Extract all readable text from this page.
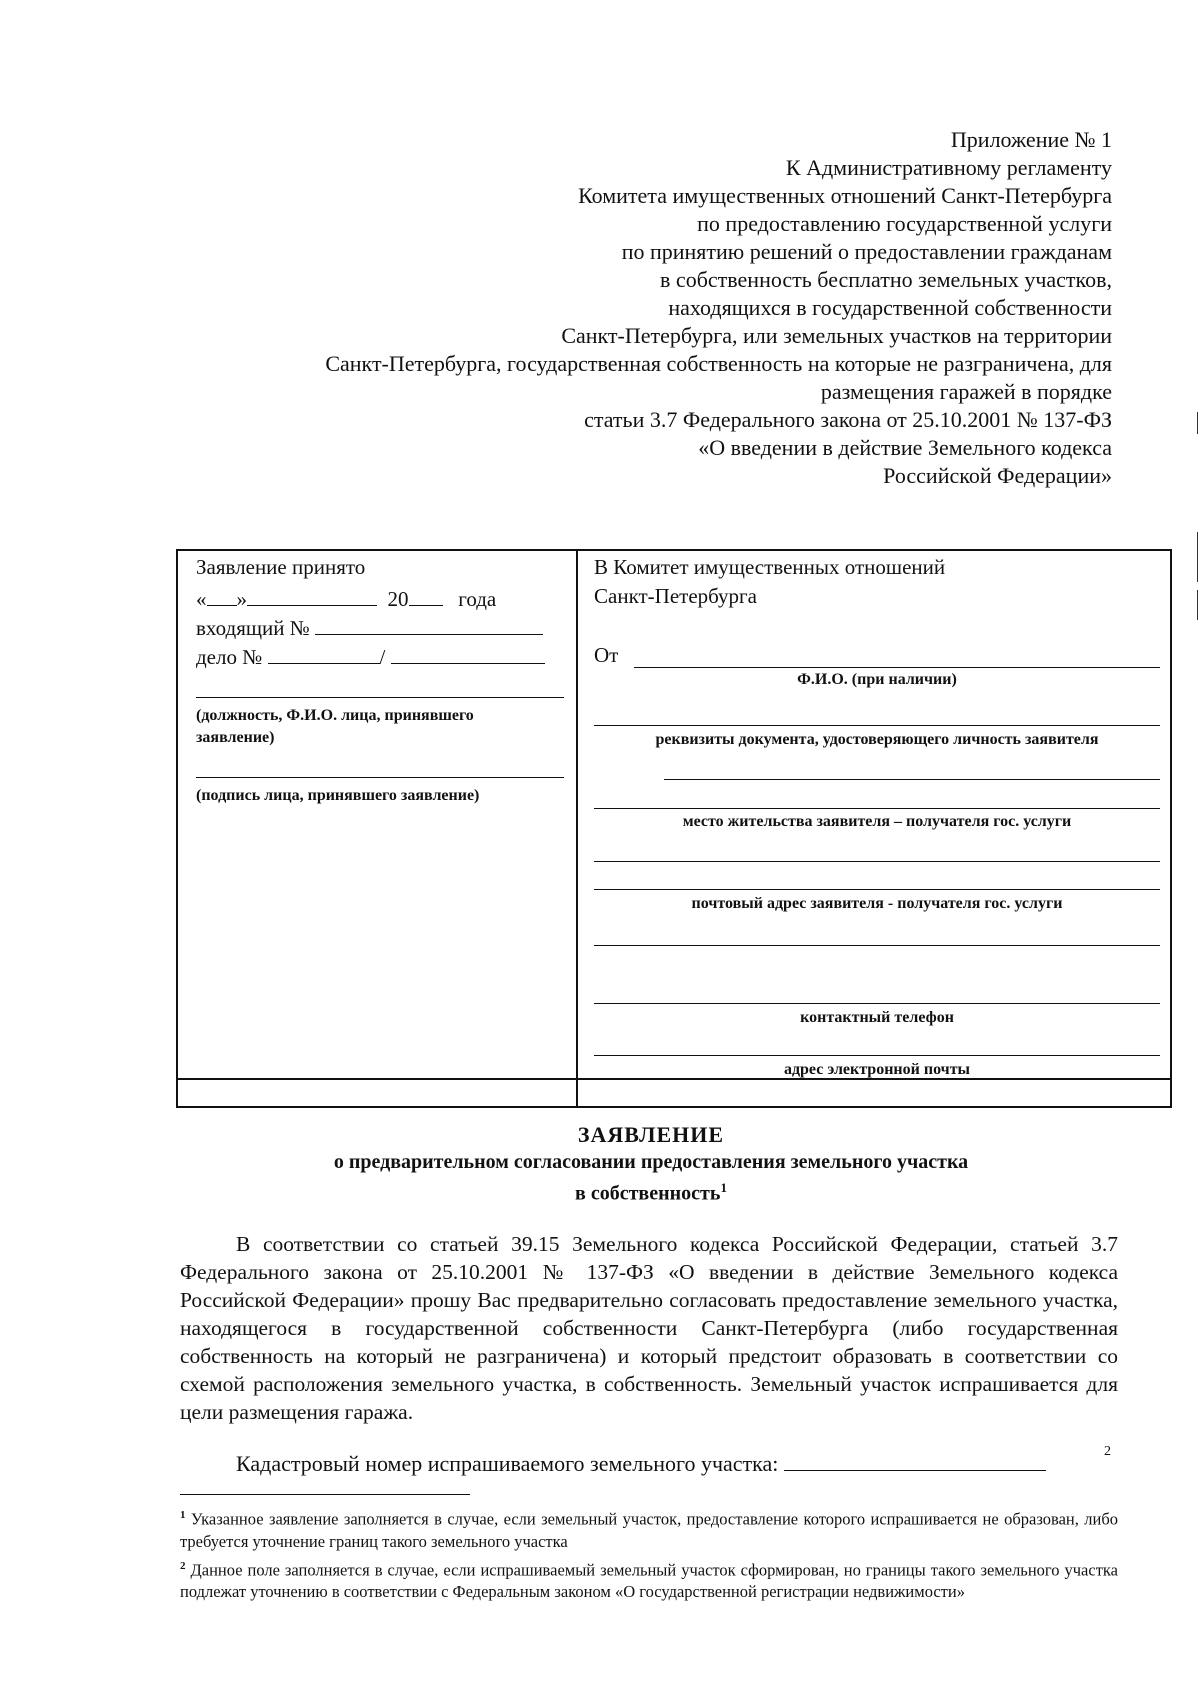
Приложение № 1
К Административному регламенту
Комитета имущественных отношений Санкт-Петербурга
по предоставлению государственной услуги
по принятию решений о предоставлении гражданам
в собственность бесплатно земельных участков,
находящихся в государственной собственности
Санкт-Петербурга, или земельных участков на территории
Санкт-Петербурга, государственная собственность на которые не разграничена, для
размещения гаражей в порядке
статьи 3.7 Федерального закона от 25.10.2001 № 137-ФЗ
«О введении в действие Земельного кодекса
Российской Федерации»
Заявление принято
« »	20 года
входящий №
дело №	/
(должность, Ф.И.О. лица, принявшего заявление)
(подпись лица, принявшего заявление)
В Комитет имущественных отношений
Санкт-Петербурга
От
Ф.И.О. (при наличии)
реквизиты документа, удостоверяющего личность заявителя
место жительства заявителя – получателя гос. услуги
почтовый адрес заявителя - получателя гос. услуги
контактный телефон
адрес электронной почты
ЗАЯВЛЕНИЕ
о предварительном согласовании предоставления земельного участка
в собственность$^1$
В соответствии со статьей 39.15 Земельного кодекса Российской Федерации, статьей 3.7 Федерального закона от 25.10.2001 № 137-ФЗ «О введении в действие Земельного кодекса Российской Федерации» прошу Вас предварительно согласовать предоставление земельного участка, находящегося в государственной собственности Санкт-Петербурга (либо государственная собственность на который не разграничена) и который предстоит образовать в соответствии со схемой расположения земельного участка, в собственность. Земельный участок испрашивается для цели размещения гаража.
Кадастровый номер испрашиваемого земельного участка:	2

$^1$ Указанное заявление заполняется в случае, если земельный участок, предоставление которого испрашивается не образован, либо требуется уточнение границ такого земельного участка

$^2$ Данное поле заполняется в случае, если испрашиваемый земельный участок сформирован, но границы такого земельного участка подлежат уточнению в соответствии с Федеральным законом «О государственной регистрации недвижимости»
